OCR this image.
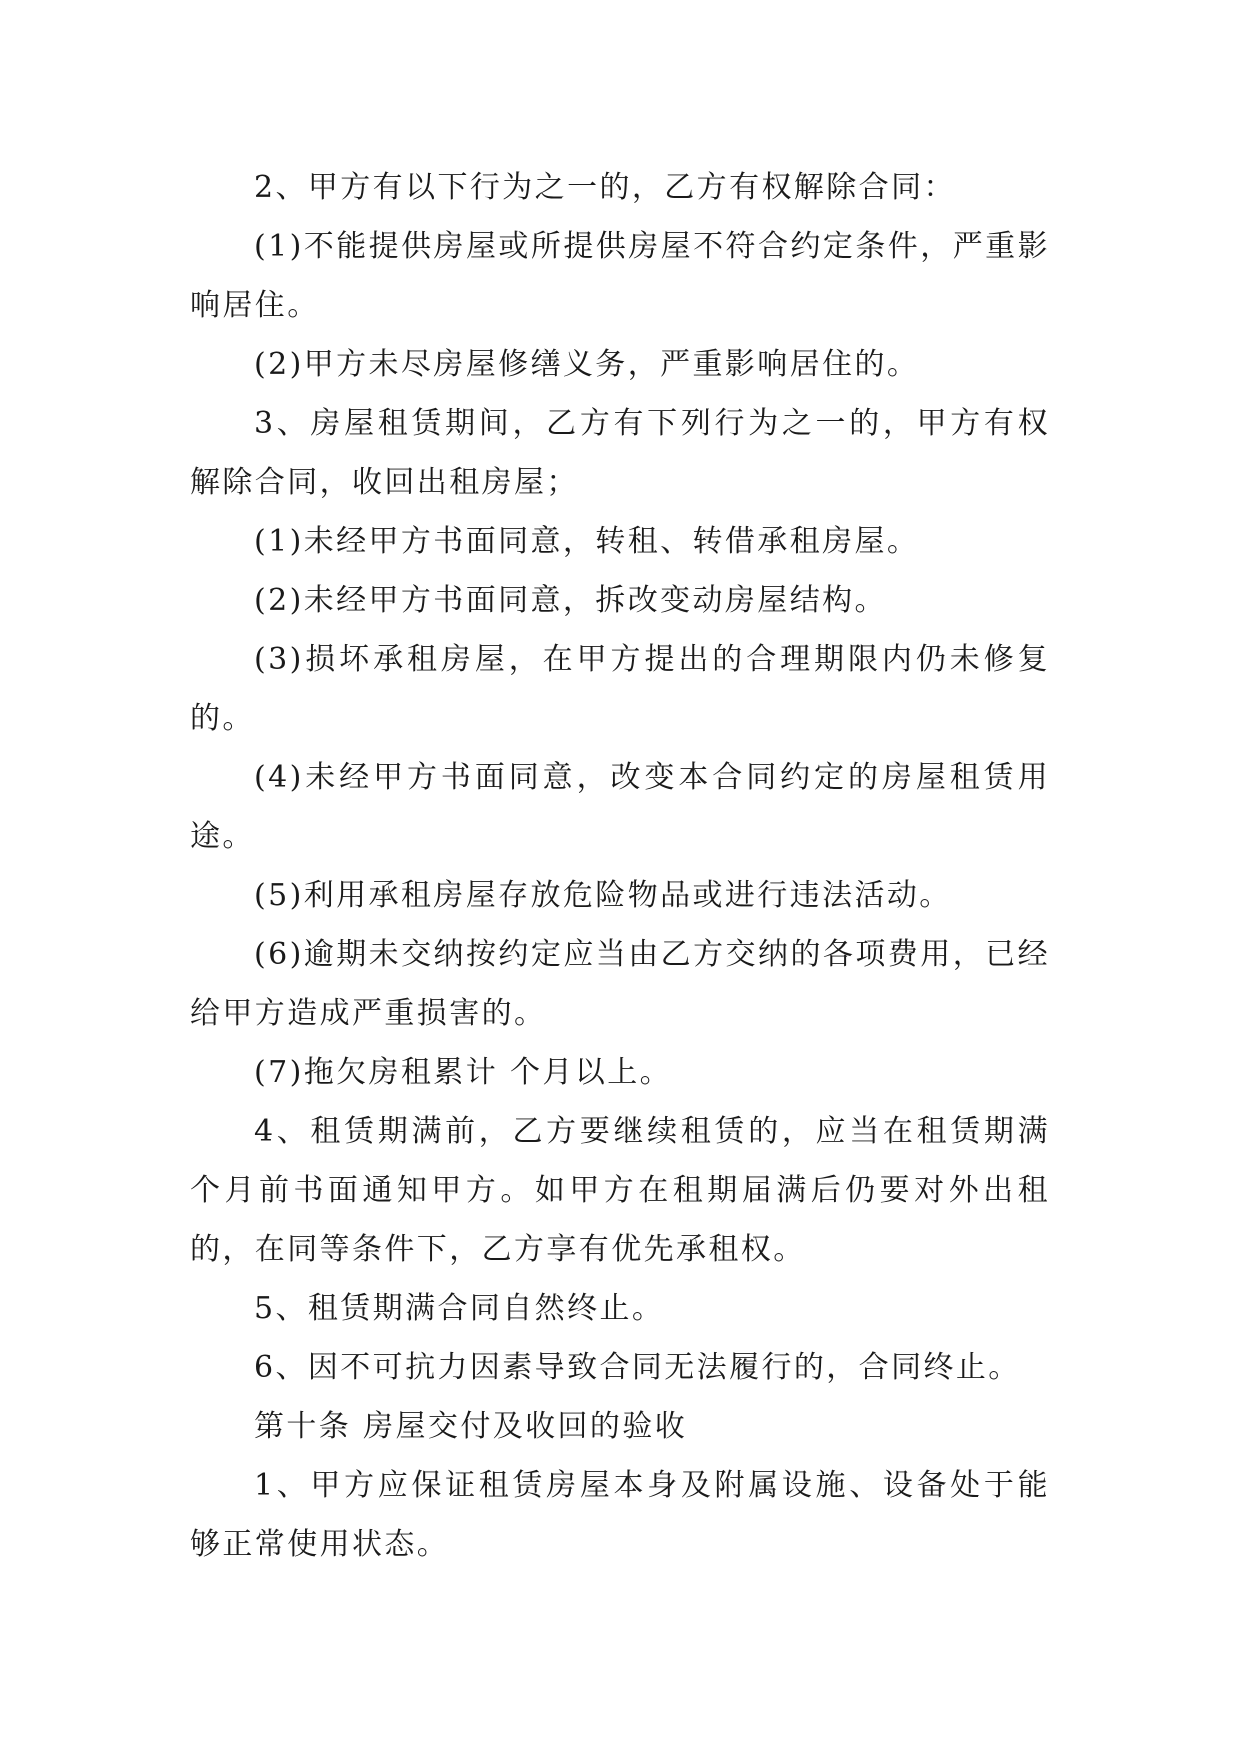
2、甲方有以下行为之一的，乙方有权解除合同：

(1)不能提供房屋或所提供房屋不符合约定条件，严重影响居住。

(2)甲方未尽房屋修缮义务，严重影响居住的。

3、房屋租赁期间，乙方有下列行为之一的，甲方有权解除合同，收回出租房屋；

(1)未经甲方书面同意，转租、转借承租房屋。

(2)未经甲方书面同意，拆改变动房屋结构。

(3)损坏承租房屋，在甲方提出的合理期限内仍未修复的。

(4)未经甲方书面同意，改变本合同约定的房屋租赁用途。

(5)利用承租房屋存放危险物品或进行违法活动。

(6)逾期未交纳按约定应当由乙方交纳的各项费用，已经给甲方造成严重损害的。

(7)拖欠房租累计 个月以上。

4、租赁期满前，乙方要继续租赁的，应当在租赁期满 个月前书面通知甲方。如甲方在租期届满后仍要对外出租的，在同等条件下，乙方享有优先承租权。

5、租赁期满合同自然终止。

6、因不可抗力因素导致合同无法履行的，合同终止。

第十条 房屋交付及收回的验收

1、甲方应保证租赁房屋本身及附属设施、设备处于能够正常使用状态。
